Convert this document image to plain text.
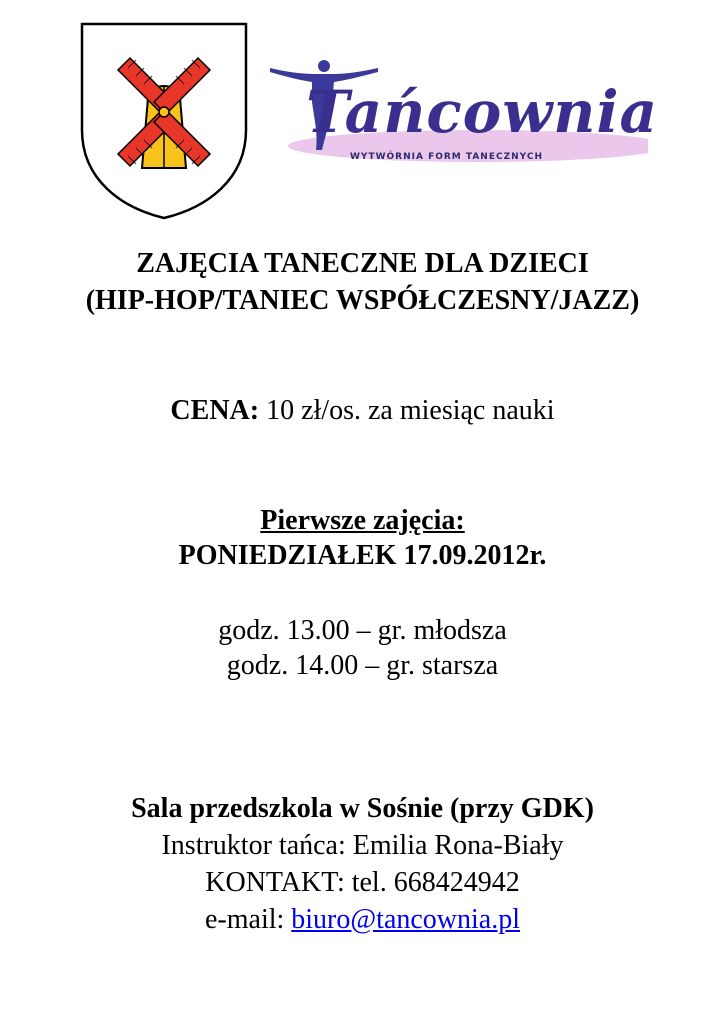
Tańcownia
WYTWÓRNIA FORM TANECZNYCH
ZAJĘCIA TANECZNE DLA DZIECI
(HIP-HOP/TANIEC WSPÓŁCZESNY/JAZZ)
CENA: 10 zł/os. za miesiąc nauki
Pierwsze zajęcia:
PONIEDZIAŁEK 17.09.2012r.
godz. 13.00 – gr. młodsza
godz. 14.00 – gr. starsza
Sala przedszkola w Sośnie (przy GDK)
Instruktor tańca: Emilia Rona-Biały
KONTAKT: tel. 668424942
e-mail: biuro@tancownia.pl
